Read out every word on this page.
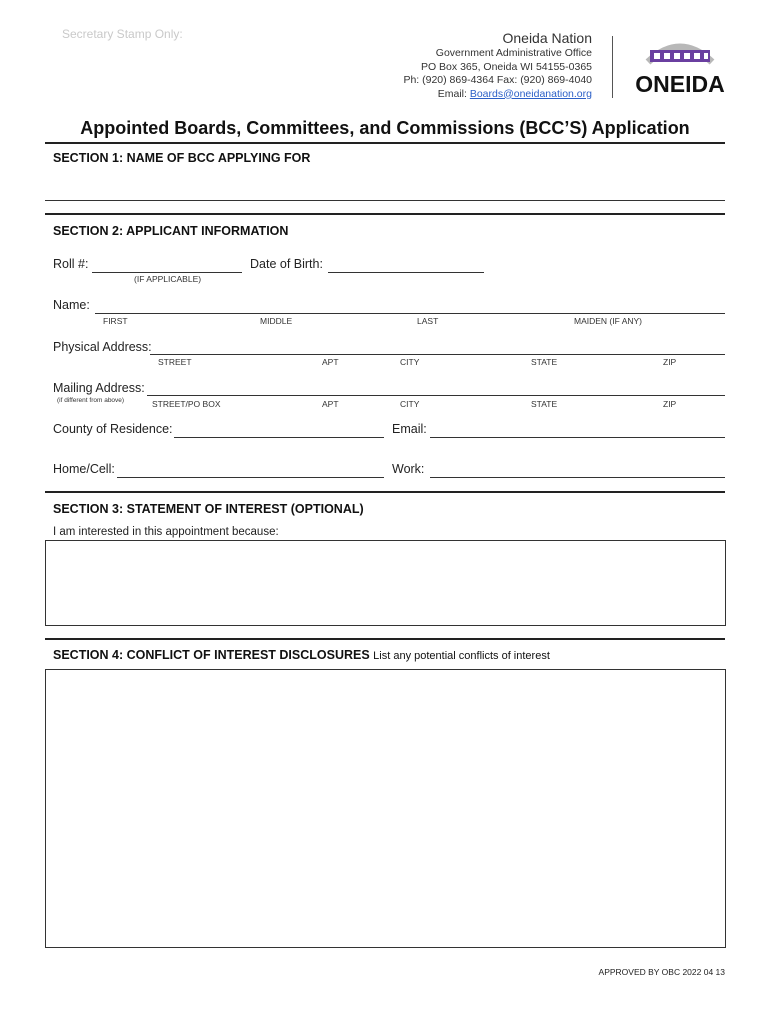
Secretary Stamp Only:	Oneida Nation
Government Administrative Office
PO Box 365, Oneida WI 54155-0365
Ph: (920) 869-4364 Fax: (920) 869-4040
Email: Boards@oneidanation.org ONEIDA
Appointed Boards, Committees, and Commissions (BCC’S) Application
SECTION 1: NAME OF BCC APPLYING FOR
SECTION 2: APPLICANT INFORMATION
Roll #:
(IF APPLICABLE)
Date of Birth:
Name:
FIRST	MIDDLE	LAST	MAIDEN (IF ANY)
Physical Address:
STREET	APT	CITY	STATE	ZIP
Mailing Address:
(if different from above)	STREET/PO BOX	APT	CITY	STATE	ZIP
County of Residence:	Email:
Home/Cell:	Work:
SECTION 3: STATEMENT OF INTEREST (OPTIONAL)
I am interested in this appointment because:
SECTION 4: CONFLICT OF INTEREST DISCLOSURES List any potential conflicts of interest
APPROVED BY OBC 2022 04 13
